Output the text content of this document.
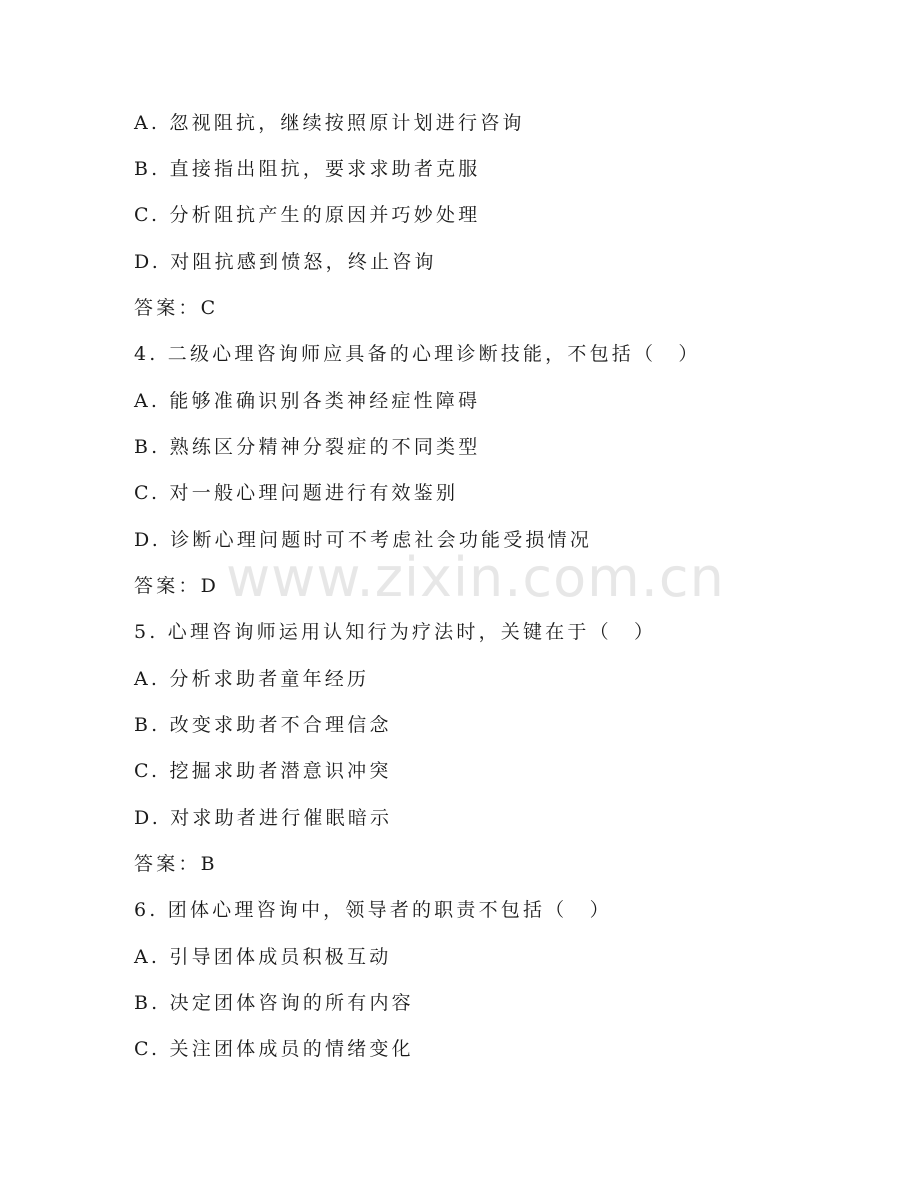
A. 忽视阻抗，继续按照原计划进行咨询
B. 直接指出阻抗，要求求助者克服
C. 分析阻抗产生的原因并巧妙处理
D. 对阻抗感到愤怒，终止咨询
答案：C
4. 二级心理咨询师应具备的心理诊断技能，不包括（　）
A. 能够准确识别各类神经症性障碍
B. 熟练区分精神分裂症的不同类型
C. 对一般心理问题进行有效鉴别
D. 诊断心理问题时可不考虑社会功能受损情况
答案：D
5. 心理咨询师运用认知行为疗法时，关键在于（　）
A. 分析求助者童年经历
B. 改变求助者不合理信念
C. 挖掘求助者潜意识冲突
D. 对求助者进行催眠暗示
答案：B
6. 团体心理咨询中，领导者的职责不包括（　）
A. 引导团体成员积极互动
B. 决定团体咨询的所有内容
C. 关注团体成员的情绪变化
www.zixin.com.cn
